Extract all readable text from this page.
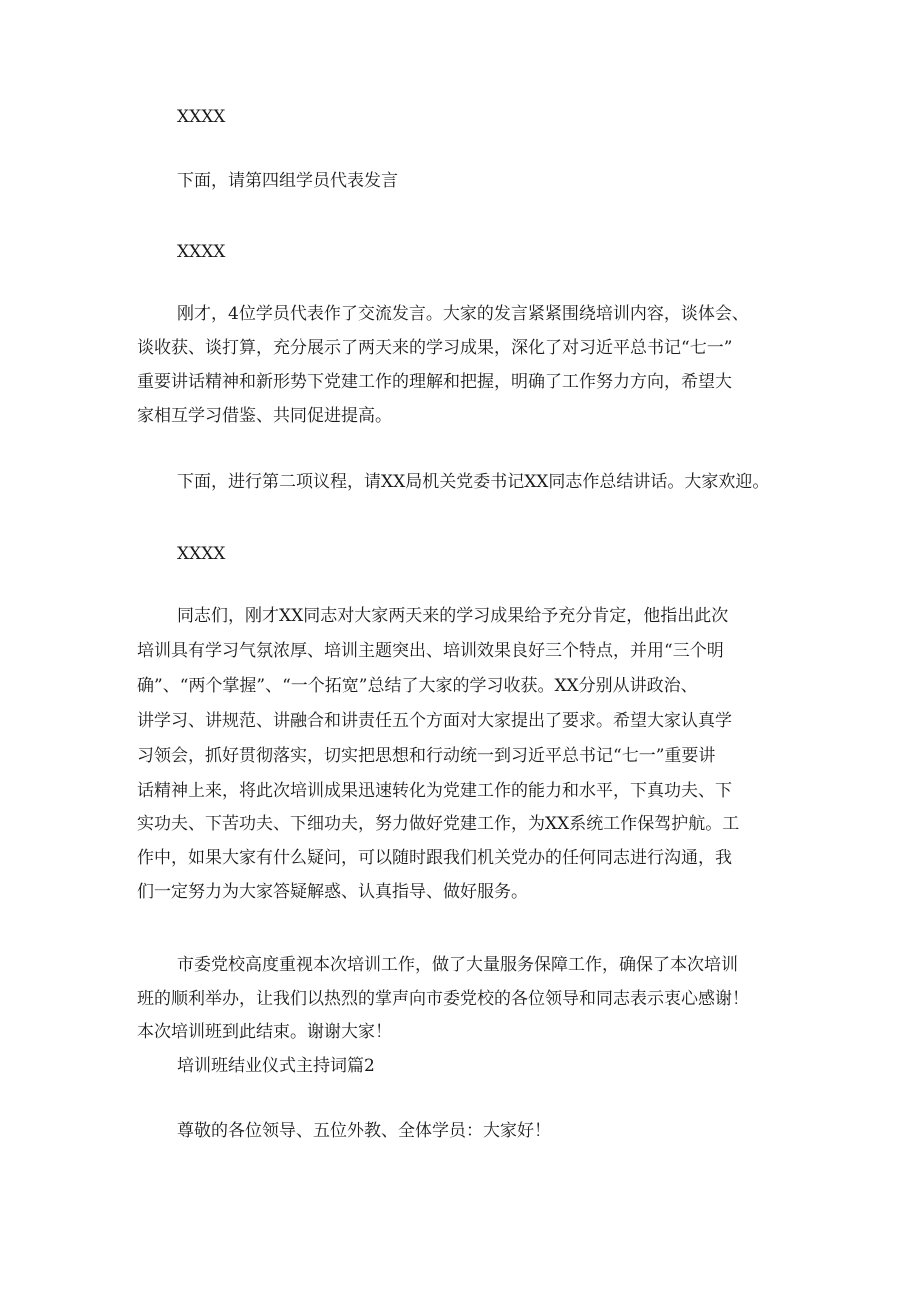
XXXX

下面，请第四组学员代表发言

XXXX

刚才，4位学员代表作了交流发言。大家的发言紧紧围绕培训内容，谈体会、

谈收获、谈打算，充分展示了两天来的学习成果，深化了对习近平总书记“七一”

重要讲话精神和新形势下党建工作的理解和把握，明确了工作努力方向，希望大

家相互学习借鉴、共同促进提高。

下面，进行第二项议程，请XX局机关党委书记XX同志作总结讲话。大家欢迎。

XXXX

同志们，刚才XX同志对大家两天来的学习成果给予充分肯定，他指出此次

培训具有学习气氛浓厚、培训主题突出、培训效果良好三个特点，并用“三个明

确”、“两个掌握”、“一个拓宽”总结了大家的学习收获。XX分别从讲政治、

讲学习、讲规范、讲融合和讲责任五个方面对大家提出了要求。希望大家认真学

习领会，抓好贯彻落实，切实把思想和行动统一到习近平总书记“七一”重要讲

话精神上来，将此次培训成果迅速转化为党建工作的能力和水平，下真功夫、下

实功夫、下苦功夫、下细功夫，努力做好党建工作，为XX系统工作保驾护航。工

作中，如果大家有什么疑问，可以随时跟我们机关党办的任何同志进行沟通，我

们一定努力为大家答疑解惑、认真指导、做好服务。

市委党校高度重视本次培训工作，做了大量服务保障工作，确保了本次培训

班的顺利举办，让我们以热烈的掌声向市委党校的各位领导和同志表示衷心感谢！

本次培训班到此结束。谢谢大家！

培训班结业仪式主持词篇2

尊敬的各位领导、五位外教、全体学员：大家好！
